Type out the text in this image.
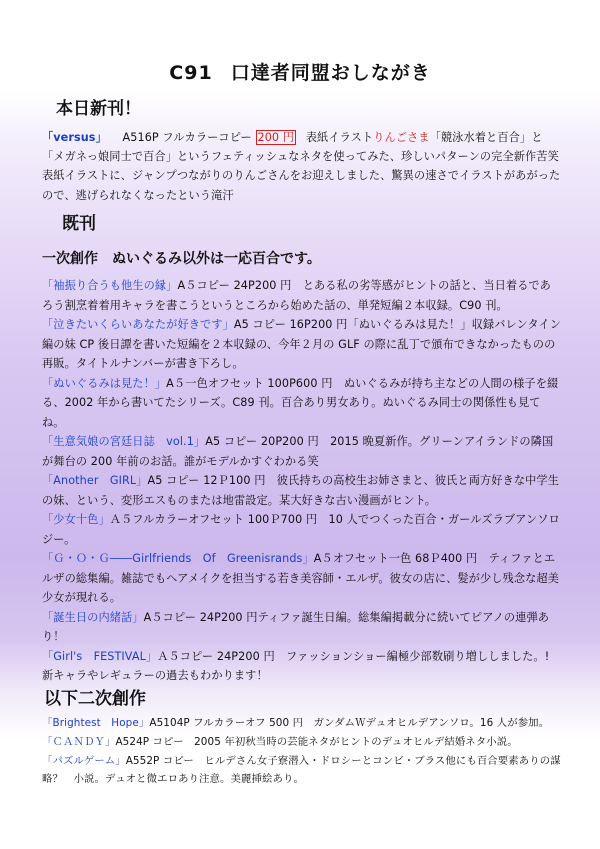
C91 口達者同盟おしながき
本日新刊！
「versus」 A516P フルカラーコピー 200 円 表紙イラストりんごさま「競泳水着と百合」と「メガネっ娘同士で百合」というフェティッシュなネタを使ってみた、珍しいパターンの完全新作苦笑表紙イラストに、ジャンプつながりのりんごさんをお迎えしました、驚異の速さでイラストがあがったので、逃げられなくなったという滝汗
既刊
一次創作　ぬいぐるみ以外は一応百合です。
「袖振り合うも他生の縁」A５コピー 24P200 円　とある私の劣等感がヒントの話と、当日着るであろう割烹着着用キャラを書こうというところから始めた話の、単発短編２本収録。C90 刊。
「泣きたいくらいあなたが好きです」A5 コピー 16P200 円「ぬいぐるみは見た！」収録バレンタイン編の妹 CP 後日譚を書いた短編を２本収録の、今年２月の GLF の際に乱丁で頒布できなかったものの再販。タイトルナンバーが書き下ろし。
「ぬいぐるみは見た！」A５一色オフセット 100P600 円　ぬいぐるみが持ち主などの人間の様子を綴る、2002 年から書いてたシリーズ。C89 刊。百合あり男女あり。ぬいぐるみ同士の関係性も見てね。
「生意気娘の宮廷日誌　vol.1」A5 コピー 20P200 円　2015 晩夏新作。グリーンアイランドの隣国が舞台の 200 年前のお話。誰がモデルかすぐわかる笑
「Another　GIRL」A5 コピー 12Ｐ100 円　彼氏持ちの高校生お姉さまと、彼氏と両方好きな中学生の妹、という、変形エスものまたは地雷設定。某大好きな古い漫画がヒント。
「少女十色」Ａ５フルカラーオフセット 100Ｐ700 円　10 人でつくった百合・ガールズラブアンソロジー。
「Ｇ・Ｏ・Ｇ――Girlfriends　Of　Greenisrands」A５オフセット一色 68Ｐ400 円　ティファとエルザの総集編。雑誌でもヘアメイクを担当する若き美容師・エルザ。彼女の店に、髪が少し残念な超美少女が現れる。
「誕生日の内緒話」A５コピー 24P200 円ティファ誕生日編。総集編掲載分に続いてピアノの連弾あり！
「Girl's　FESTIVAL」Ａ５コピー 24P200 円　ファッションショー編極少部数刷り増ししました。!　新キャラやレギュラーの過去もわかります！
以下二次創作
「Brightest　Hope」A5104P フルカラーオフ 500 円　ガンダムＷデュオヒルデアンソロ。16 人が参加。
「ＣＡＮＤＹ」A524P コピー　2005 年初秋当時の芸能ネタがヒントのデュオヒルデ結婚ネタ小説。
「パズルゲーム」A552P コピー　ヒルデさん女子寮潜入・ドロシーとコンビ・ブラス他にも百合要素ありの謀略？　小説。デュオと微エロあり注意。美麗挿絵あり。
